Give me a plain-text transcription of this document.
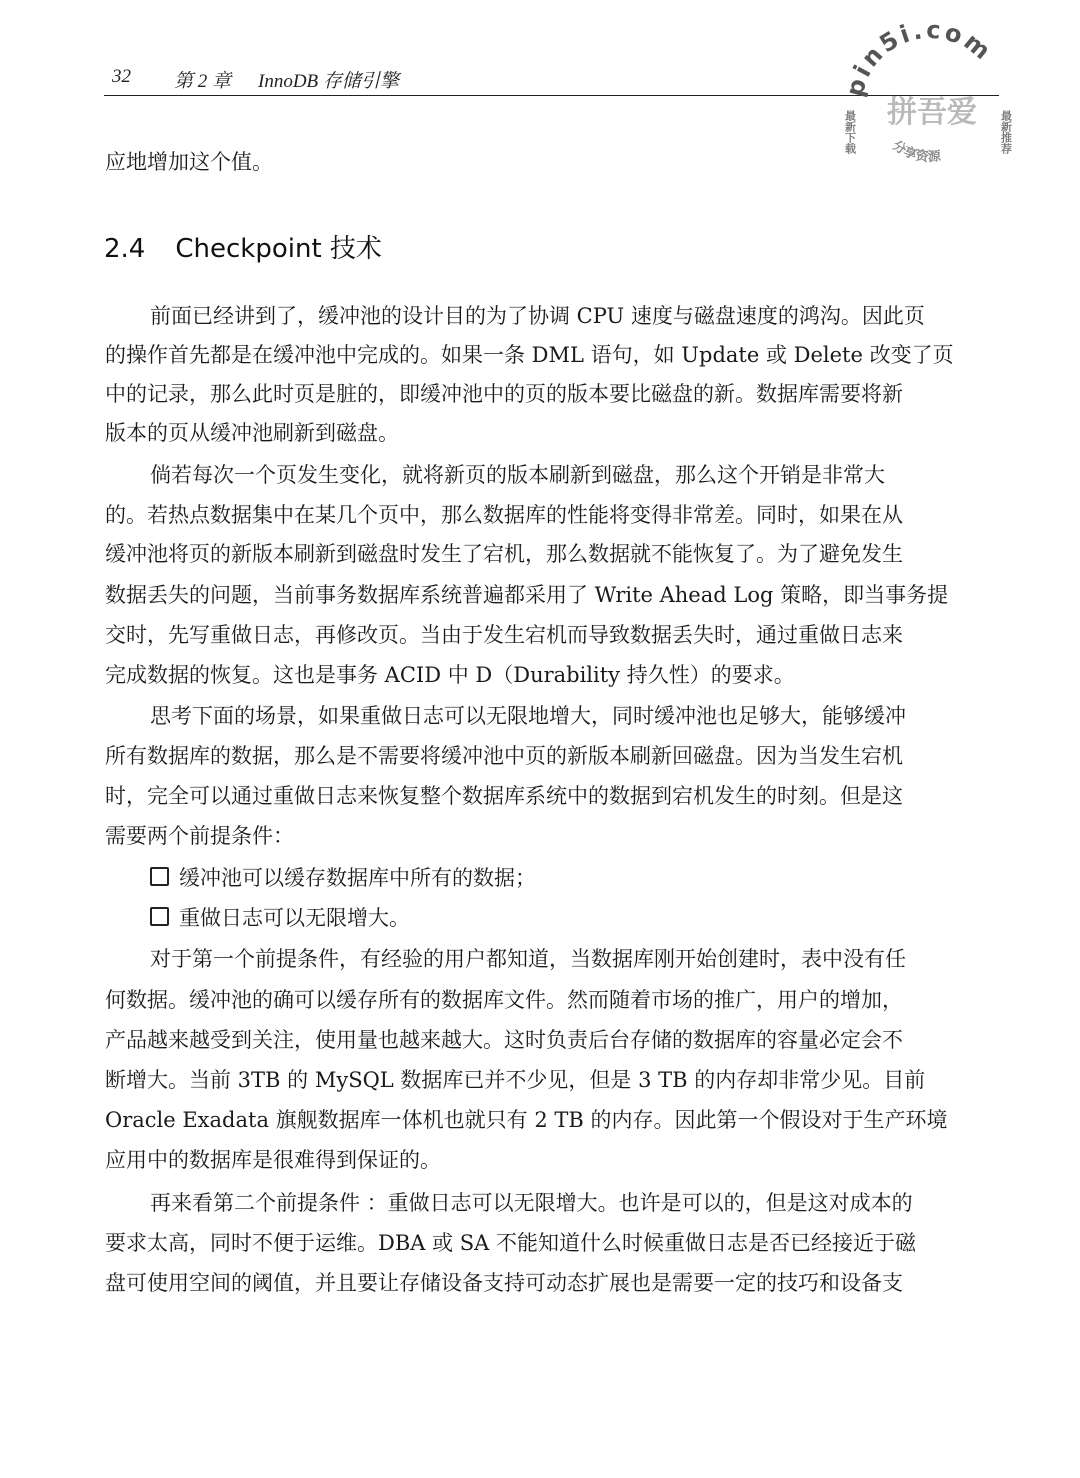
32 第 2 章 InnoDB 存储引擎	pin5i.com
拼吾爱
最新下载	最新推荐
分享资源
应地增加这个值。
2.4 Checkpoint 技术
前面已经讲到了，缓冲池的设计目的为了协调 CPU 速度与磁盘速度的鸿沟。因此页
的操作首先都是在缓冲池中完成的。如果一条 DML 语句，如 Update 或 Delete 改变了页
中的记录，那么此时页是脏的，即缓冲池中的页的版本要比磁盘的新。数据库需要将新
版本的页从缓冲池刷新到磁盘。
倘若每次一个页发生变化，就将新页的版本刷新到磁盘，那么这个开销是非常大
的。若热点数据集中在某几个页中，那么数据库的性能将变得非常差。同时，如果在从
缓冲池将页的新版本刷新到磁盘时发生了宕机，那么数据就不能恢复了。为了避免发生
数据丢失的问题，当前事务数据库系统普遍都采用了 Write Ahead Log 策略，即当事务提
交时，先写重做日志，再修改页。当由于发生宕机而导致数据丢失时，通过重做日志来
完成数据的恢复。这也是事务 ACID 中 D（Durability 持久性）的要求。
思考下面的场景，如果重做日志可以无限地增大，同时缓冲池也足够大，能够缓冲
所有数据库的数据，那么是不需要将缓冲池中页的新版本刷新回磁盘。因为当发生宕机
时，完全可以通过重做日志来恢复整个数据库系统中的数据到宕机发生的时刻。但是这
需要两个前提条件：
缓冲池可以缓存数据库中所有的数据；
重做日志可以无限增大。
对于第一个前提条件，有经验的用户都知道，当数据库刚开始创建时，表中没有任
何数据。缓冲池的确可以缓存所有的数据库文件。然而随着市场的推广，用户的增加，
产品越来越受到关注，使用量也越来越大。这时负责后台存储的数据库的容量必定会不
断增大。当前 3TB 的 MySQL 数据库已并不少见，但是 3 TB 的内存却非常少见。目前
Oracle Exadata 旗舰数据库一体机也就只有 2 TB 的内存。因此第一个假设对于生产环境
应用中的数据库是很难得到保证的。
再来看第二个前提条件 ：重做日志可以无限增大。也许是可以的，但是这对成本的
要求太高，同时不便于运维。DBA 或 SA 不能知道什么时候重做日志是否已经接近于磁
盘可使用空间的阈值，并且要让存储设备支持可动态扩展也是需要一定的技巧和设备支
